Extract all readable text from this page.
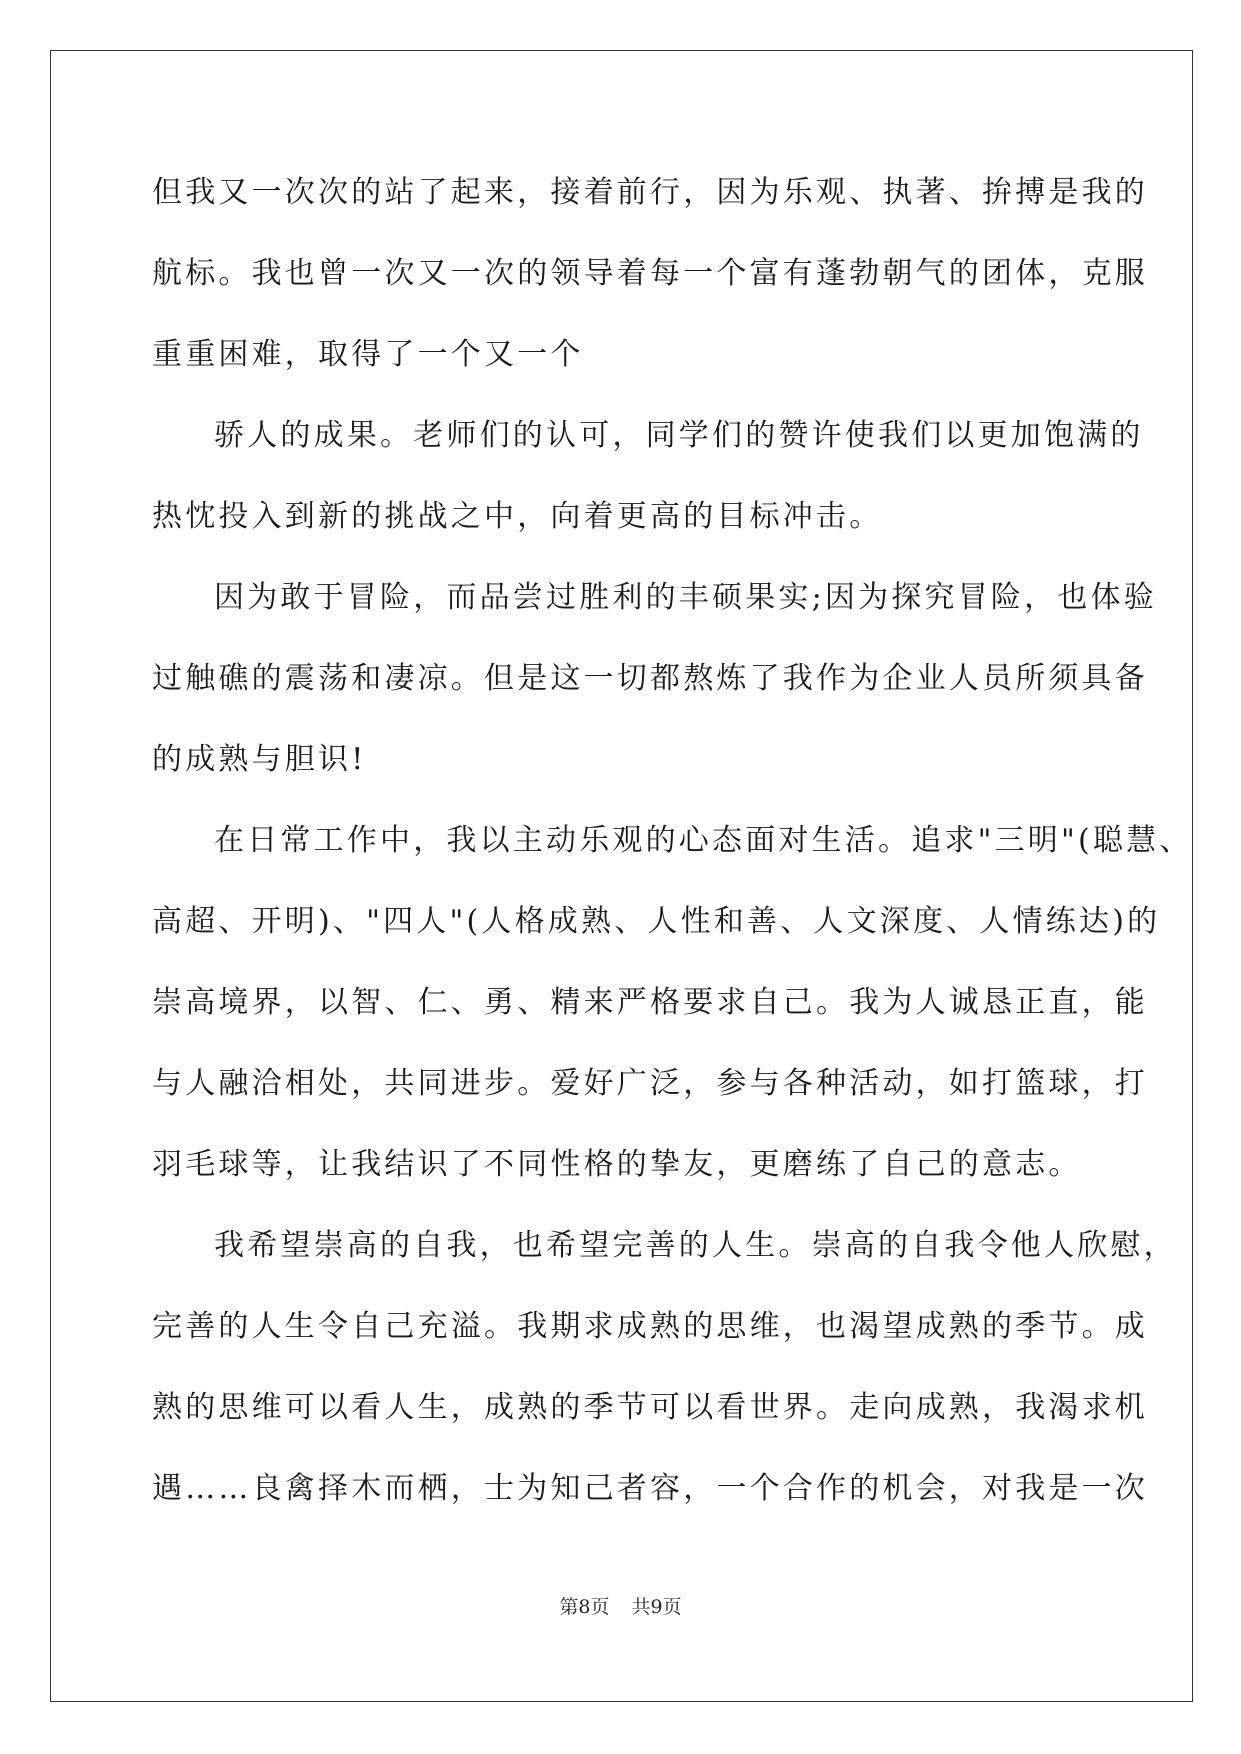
但我又一次次的站了起来，接着前行，因为乐观、执著、拚搏是我的
航标。我也曾一次又一次的领导着每一个富有蓬勃朝气的团体，克服
重重困难，取得了一个又一个
骄人的成果。老师们的认可，同学们的赞许使我们以更加饱满的
热忱投入到新的挑战之中，向着更高的目标冲击。
因为敢于冒险，而品尝过胜利的丰硕果实;因为探究冒险，也体验
过触礁的震荡和凄凉。但是这一切都熬炼了我作为企业人员所须具备
的成熟与胆识!
在日常工作中，我以主动乐观的心态面对生活。追求"三明"(聪慧、
高超、开明)、"四人"(人格成熟、人性和善、人文深度、人情练达)的
崇高境界，以智、仁、勇、精来严格要求自己。我为人诚恳正直，能
与人融洽相处，共同进步。爱好广泛，参与各种活动，如打篮球，打
羽毛球等，让我结识了不同性格的挚友，更磨练了自己的意志。
我希望崇高的自我，也希望完善的人生。崇高的自我令他人欣慰，
完善的人生令自己充溢。我期求成熟的思维，也渴望成熟的季节。成
熟的思维可以看人生，成熟的季节可以看世界。走向成熟，我渴求机
遇……良禽择木而栖，士为知己者容，一个合作的机会，对我是一次
第8页 共9页
